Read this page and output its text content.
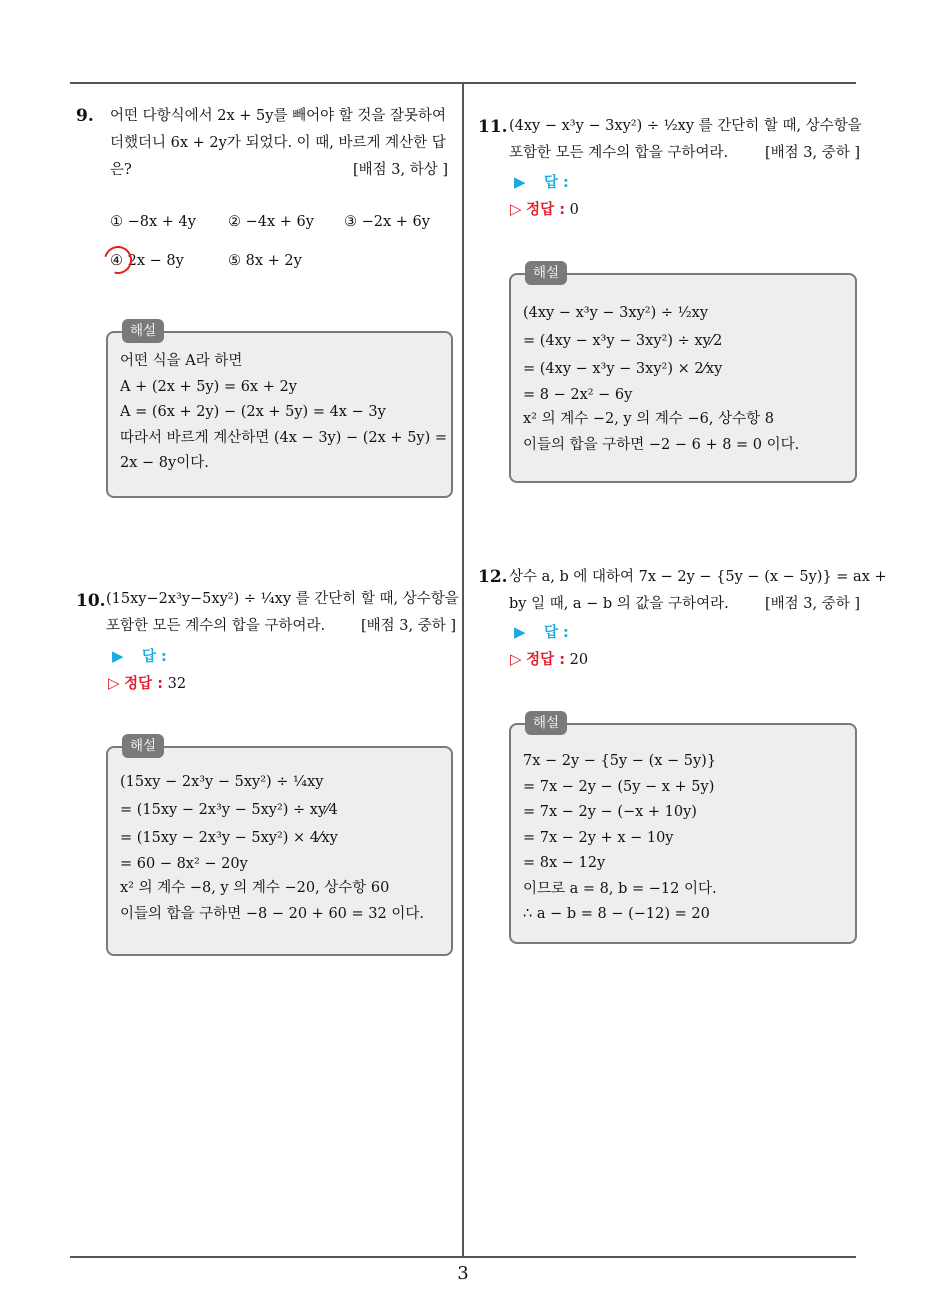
9. 어떤 다항식에서 2x + 5y를 빼어야 할 것을 잘못하여
더했더니 6x + 2y가 되었다. 이 때, 바르게 계산한 답
은?	[배점 3, 하상 ]
① −8x + 4y ② −4x + 6y ③ −2x + 6y
④ 2x − 8y	⑤ 8x + 2y
해설
어떤 식을 A라 하면
A + (2x + 5y) = 6x + 2y
A = (6x + 2y) − (2x + 5y) = 4x − 3y
따라서 바르게 계산하면 (4x − 3y) − (2x + 5y) =
2x − 8y이다.
10. (15xy−2x³y−5xy²) ÷ ¹⁄₄xy 를 간단히 할 때, 상수항을
포함한 모든 계수의 합을 구하여라. [배점 3, 중하 ]
▶ 답 :
▷ 정답 : 32
해설
(15xy − 2x³y − 5xy²) ÷ ¹⁄₄xy
= (15xy − 2x³y − 5xy²) ÷ xy⁄4
= (15xy − 2x³y − 5xy²) × 4⁄xy
= 60 − 8x² − 20y
x² 의 계수 −8, y 의 계수 −20, 상수항 60
이들의 합을 구하면 −8 − 20 + 60 = 32 이다.
11. (4xy − x³y − 3xy²) ÷ ¹⁄₂xy 를 간단히 할 때, 상수항을
포함한 모든 계수의 합을 구하여라.	[배점 3, 중하 ]
▶ 답 :
▷ 정답 : 0
해설
(4xy − x³y − 3xy²) ÷ ¹⁄₂xy
= (4xy − x³y − 3xy²) ÷ xy⁄2
= (4xy − x³y − 3xy²) × 2⁄xy
= 8 − 2x² − 6y
x² 의 계수 −2, y 의 계수 −6, 상수항 8
이들의 합을 구하면 −2 − 6 + 8 = 0 이다.
12. 상수 a, b 에 대하여 7x − 2y − {5y − (x − 5y)} = ax +
by 일 때, a − b 의 값을 구하여라.	[배점 3, 중하 ]
▶ 답 :
▷ 정답 : 20
해설
7x − 2y − {5y − (x − 5y)}
= 7x − 2y − (5y − x + 5y)
= 7x − 2y − (−x + 10y)
= 7x − 2y + x − 10y
= 8x − 12y
이므로 a = 8, b = −12 이다.
∴ a − b = 8 − (−12) = 20
3
